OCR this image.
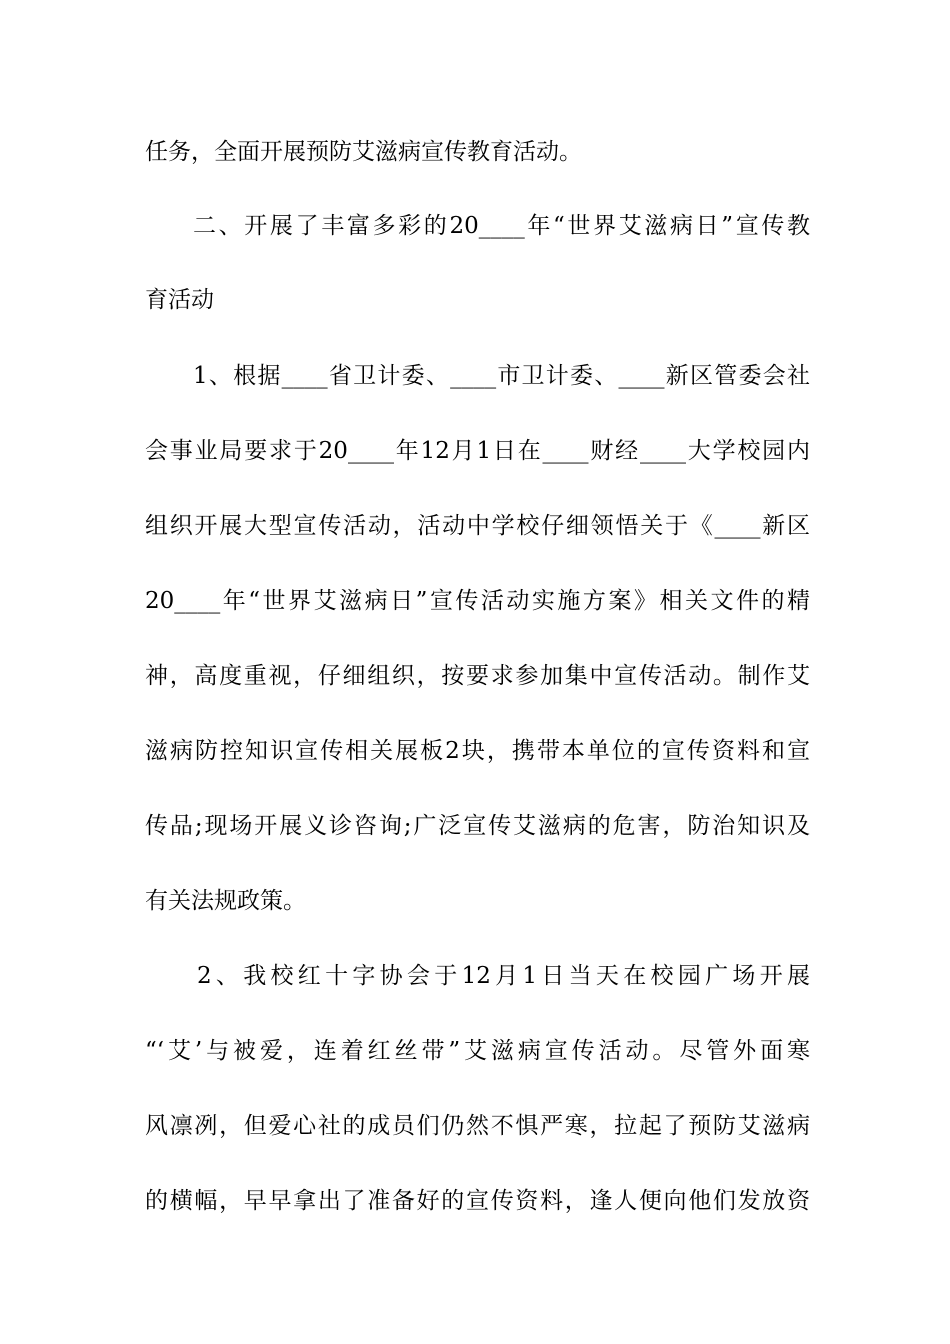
任务，全面开展预防艾滋病宣传教育活动。
二、开展了丰富多彩的20____年“世界艾滋病日”宣传教
育活动
1、根据____省卫计委、____市卫计委、____新区管委会社
会事业局要求于20____年12月1日在____财经____大学校园内
组织开展大型宣传活动，活动中学校仔细领悟关于《____新区
20____年“世界艾滋病日”宣传活动实施方案》相关文件的精
神，高度重视，仔细组织，按要求参加集中宣传活动。制作艾
滋病防控知识宣传相关展板2块，携带本单位的宣传资料和宣
传品;现场开展义诊咨询;广泛宣传艾滋病的危害，防治知识及
有关法规政策。
2、我校红十字协会于12月1日当天在校园广场开展
“‘艾’与被爱，连着红丝带”艾滋病宣传活动。尽管外面寒
风凛冽，但爱心社的成员们仍然不惧严寒，拉起了预防艾滋病
的横幅，早早拿出了准备好的宣传资料，逢人便向他们发放资
